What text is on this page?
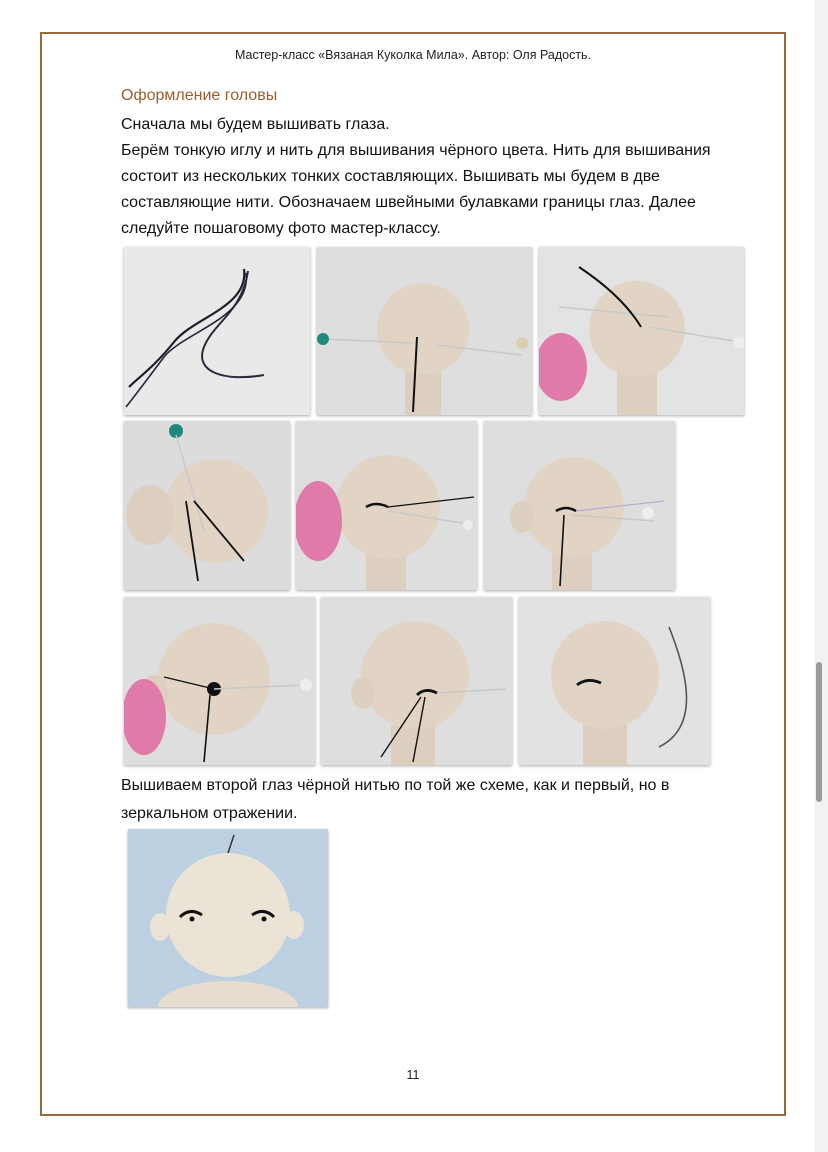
Мастер-класс «Вязаная Куколка Мила». Автор: Оля Радость.
Оформление головы

Сначала мы будем вышивать глаза.

Берём тонкую иглу и нить для вышивания чёрного цвета. Нить для вышивания состоит из нескольких тонких составляющих. Вышивать мы будем в две составляющие нити. Обозначаем швейными булавками границы глаз. Далее следуйте пошаговому фото мастер-классу.

Вышиваем второй глаз чёрной нитью по той же схеме, как и первый, но в зеркальном отражении.
11
